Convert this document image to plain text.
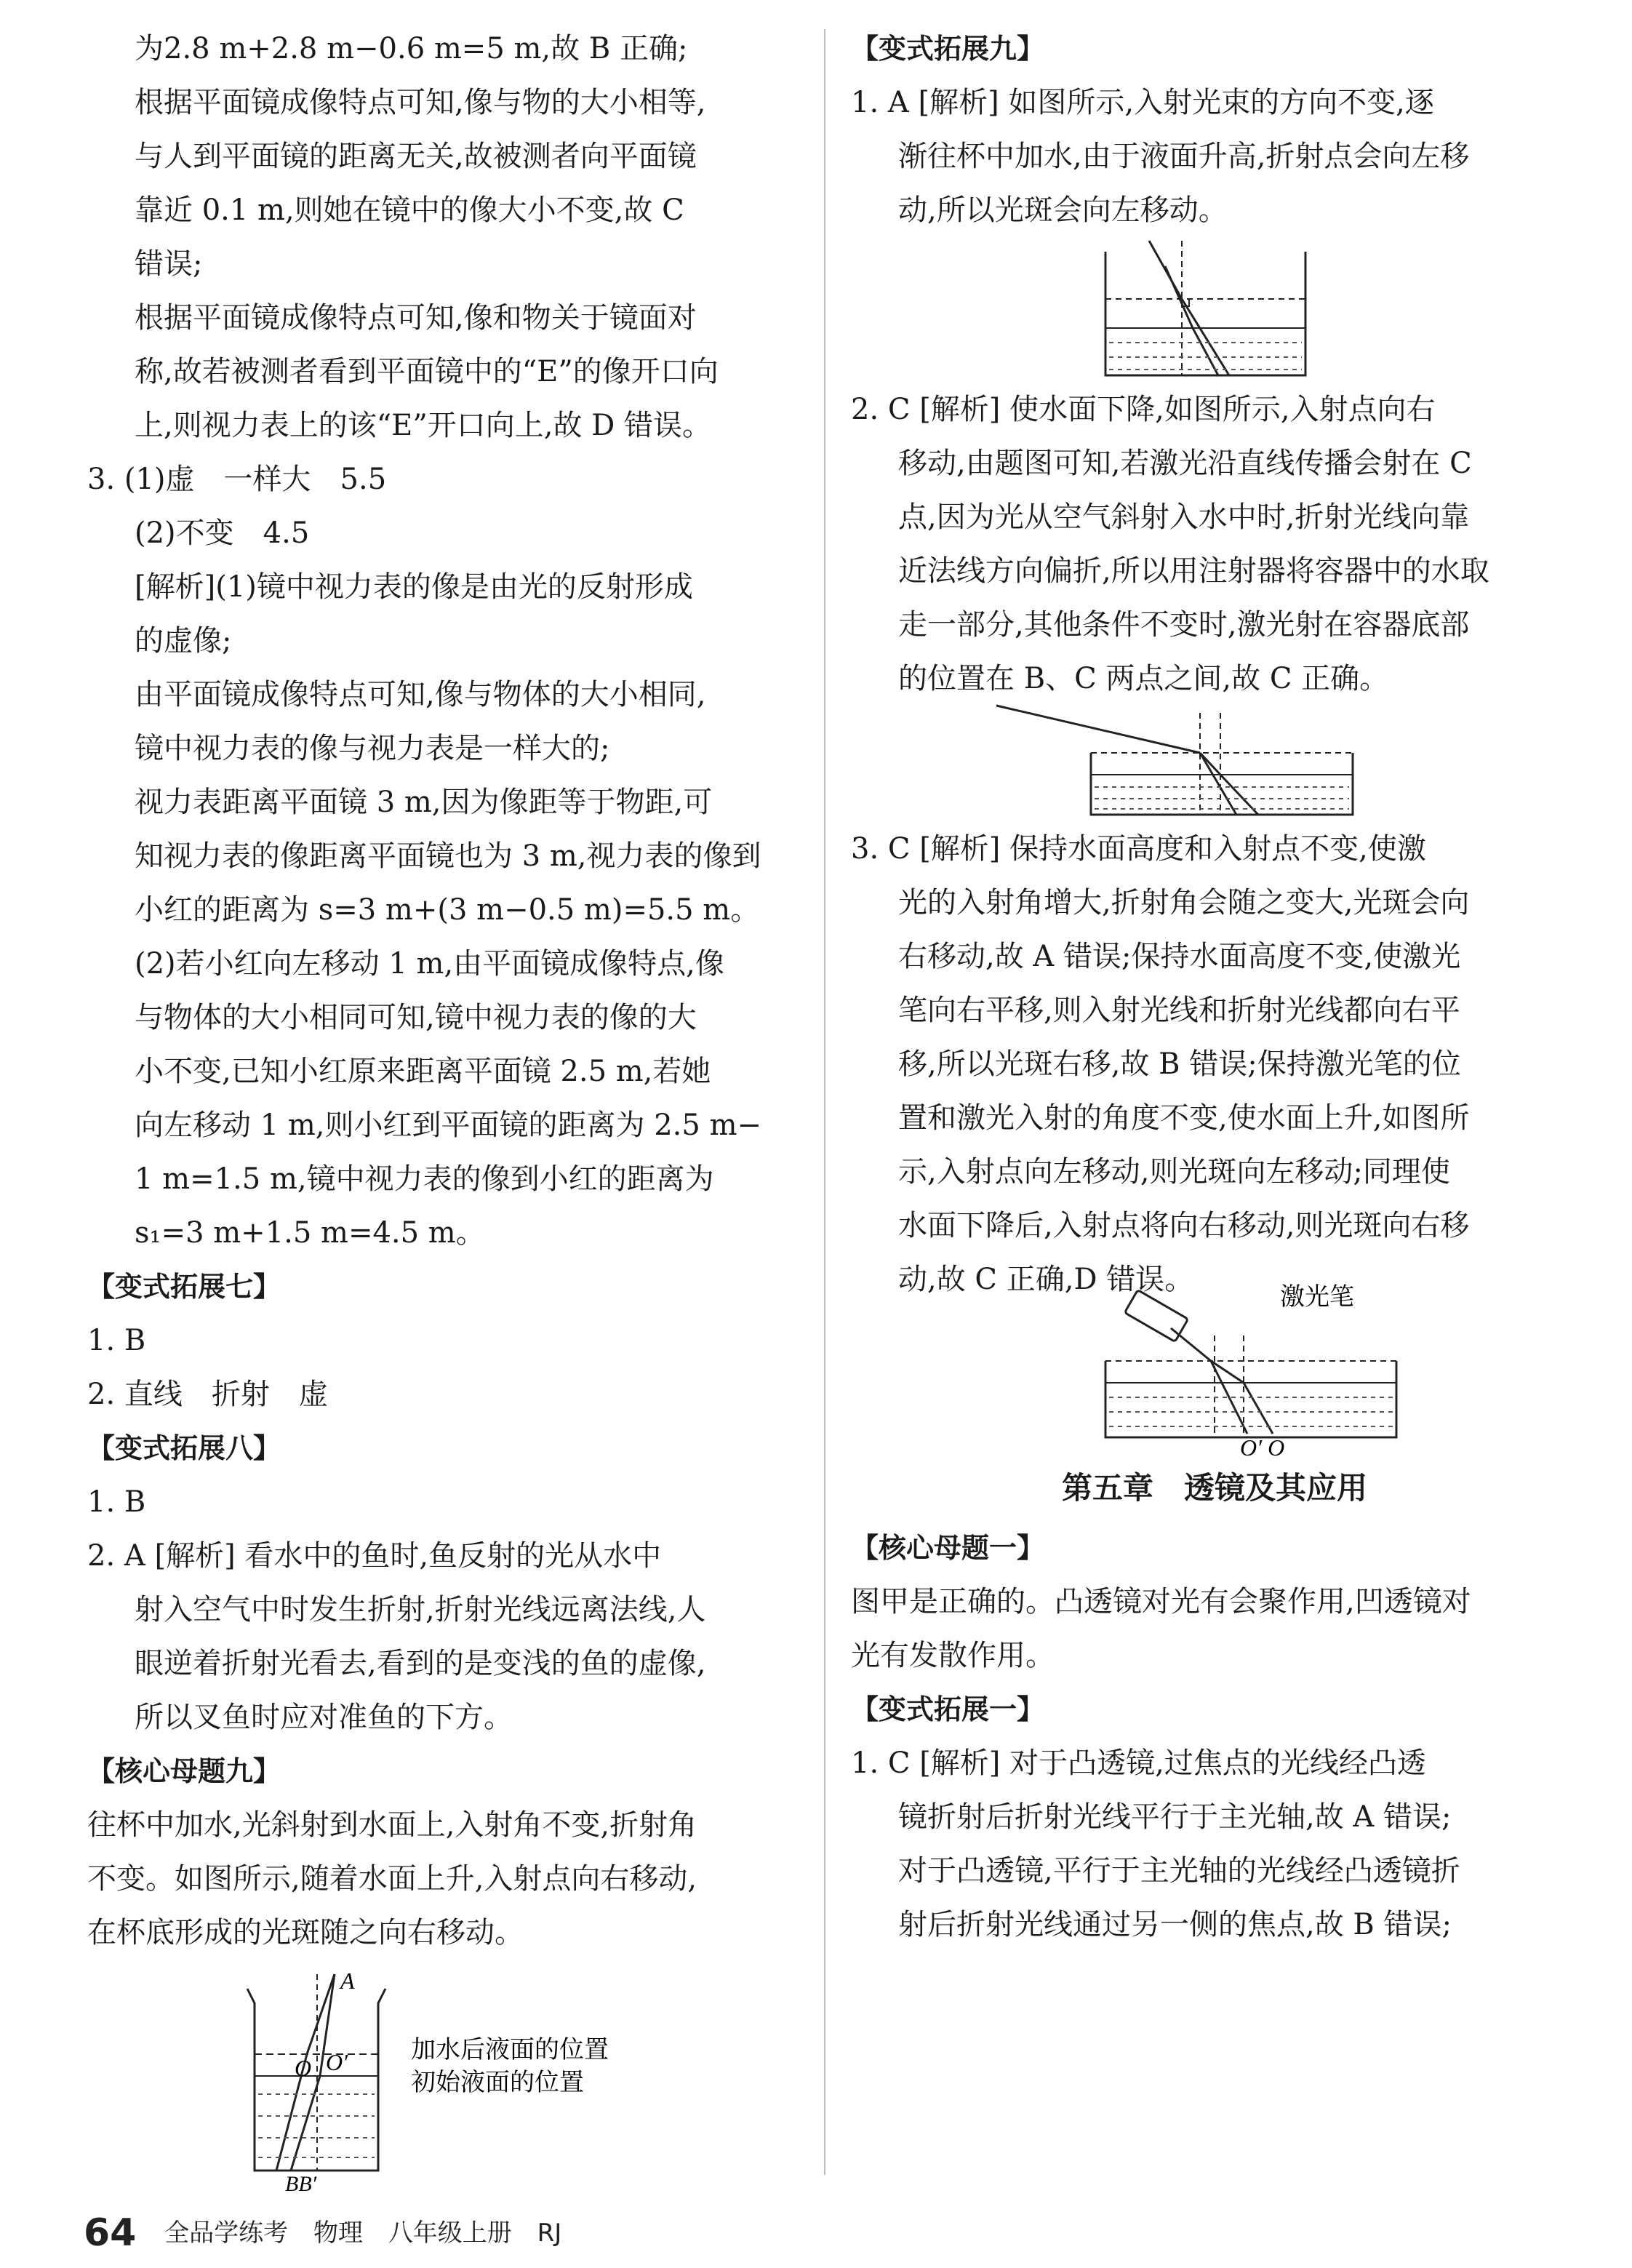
为2.8 m+2.8 m−0.6 m=5 m,故 B 正确;
根据平面镜成像特点可知,像与物的大小相等,
与人到平面镜的距离无关,故被测者向平面镜
靠近 0.1 m,则她在镜中的像大小不变,故 C
错误;
根据平面镜成像特点可知,像和物关于镜面对
称,故若被测者看到平面镜中的“E”的像开口向
上,则视力表上的该“E”开口向上,故 D 错误。
3. (1)虚　一样大　5.5
(2)不变　4.5
[解析](1)镜中视力表的像是由光的反射形成
的虚像;
由平面镜成像特点可知,像与物体的大小相同,
镜中视力表的像与视力表是一样大的;
视力表距离平面镜 3 m,因为像距等于物距,可
知视力表的像距离平面镜也为 3 m,视力表的像到
小红的距离为 s=3 m+(3 m−0.5 m)=5.5 m。
(2)若小红向左移动 1 m,由平面镜成像特点,像
与物体的大小相同可知,镜中视力表的像的大
小不变,已知小红原来距离平面镜 2.5 m,若她
向左移动 1 m,则小红到平面镜的距离为 2.5 m−
1 m=1.5 m,镜中视力表的像到小红的距离为
s₁=3 m+1.5 m=4.5 m。
【变式拓展七】
1. B
2. 直线　折射　虚
【变式拓展八】
1. B
2. A [解析] 看水中的鱼时,鱼反射的光从水中
射入空气中时发生折射,折射光线远离法线,人
眼逆着折射光看去,看到的是变浅的鱼的虚像,
所以叉鱼时应对准鱼的下方。
【核心母题九】
往杯中加水,光斜射到水面上,入射角不变,折射角
不变。如图所示,随着水面上升,入射点向右移动,
在杯底形成的光斑随之向右移动。
A
O O′
BB′
加水后液面的位置
初始液面的位置
【变式拓展九】
1. A [解析] 如图所示,入射光束的方向不变,逐
渐往杯中加水,由于液面升高,折射点会向左移
动,所以光斑会向左移动。
2. C [解析] 使水面下降,如图所示,入射点向右
移动,由题图可知,若激光沿直线传播会射在 C
点,因为光从空气斜射入水中时,折射光线向靠
近法线方向偏折,所以用注射器将容器中的水取
走一部分,其他条件不变时,激光射在容器底部
的位置在 B、C 两点之间,故 C 正确。
3. C [解析] 保持水面高度和入射点不变,使激
光的入射角增大,折射角会随之变大,光斑会向
右移动,故 A 错误;保持水面高度不变,使激光
笔向右平移,则入射光线和折射光线都向右平
移,所以光斑右移,故 B 错误;保持激光笔的位
置和激光入射的角度不变,使水面上升,如图所
示,入射点向左移动,则光斑向左移动;同理使
水面下降后,入射点将向右移动,则光斑向右移
动,故 C 正确,D 错误。
激光笔
O′ O
第五章　透镜及其应用
【核心母题一】
图甲是正确的。凸透镜对光有会聚作用,凹透镜对
光有发散作用。
【变式拓展一】
1. C [解析] 对于凸透镜,过焦点的光线经凸透
镜折射后折射光线平行于主光轴,故 A 错误;
对于凸透镜,平行于主光轴的光线经凸透镜折
射后折射光线通过另一侧的焦点,故 B 错误;
64 全品学练考 物理 八年级上册 RJ
